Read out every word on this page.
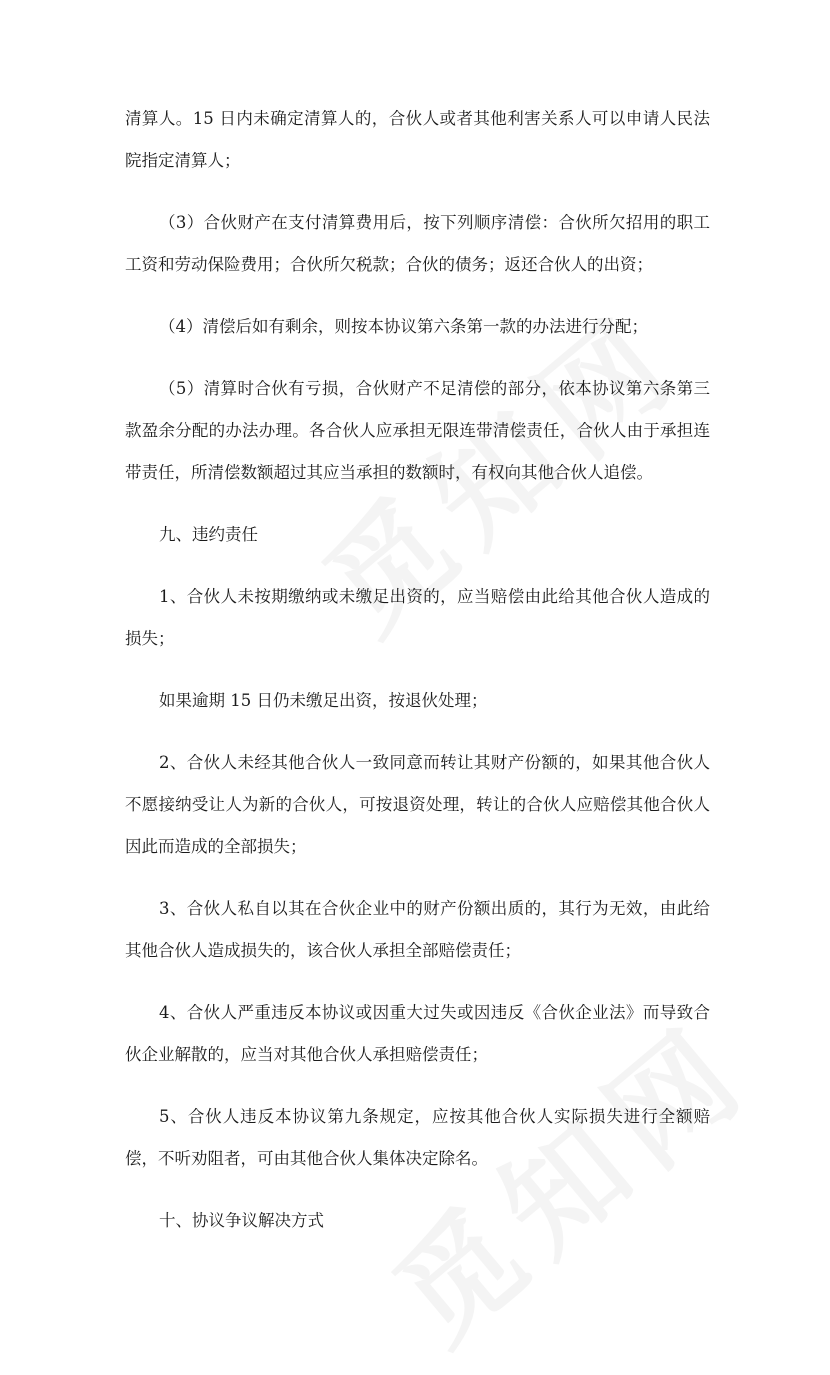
清算人。15 日内未确定清算人的，合伙人或者其他利害关系人可以申请人民法院指定清算人；

（3）合伙财产在支付清算费用后，按下列顺序清偿：合伙所欠招用的职工工资和劳动保险费用；合伙所欠税款；合伙的债务；返还合伙人的出资；

（4）清偿后如有剩余，则按本协议第六条第一款的办法进行分配；

（5）清算时合伙有亏损，合伙财产不足清偿的部分，依本协议第六条第三款盈余分配的办法办理。各合伙人应承担无限连带清偿责任，合伙人由于承担连带责任，所清偿数额超过其应当承担的数额时，有权向其他合伙人追偿。

九、违约责任

1、合伙人未按期缴纳或未缴足出资的，应当赔偿由此给其他合伙人造成的损失；

如果逾期 15 日仍未缴足出资，按退伙处理；

2、合伙人未经其他合伙人一致同意而转让其财产份额的，如果其他合伙人不愿接纳受让人为新的合伙人，可按退资处理，转让的合伙人应赔偿其他合伙人因此而造成的全部损失；

3、合伙人私自以其在合伙企业中的财产份额出质的，其行为无效，由此给其他合伙人造成损失的，该合伙人承担全部赔偿责任；

4、合伙人严重违反本协议或因重大过失或因违反《合伙企业法》而导致合伙企业解散的，应当对其他合伙人承担赔偿责任；

5、合伙人违反本协议第九条规定，应按其他合伙人实际损失进行全额赔偿，不听劝阻者，可由其他合伙人集体决定除名。

十、协议争议解决方式
